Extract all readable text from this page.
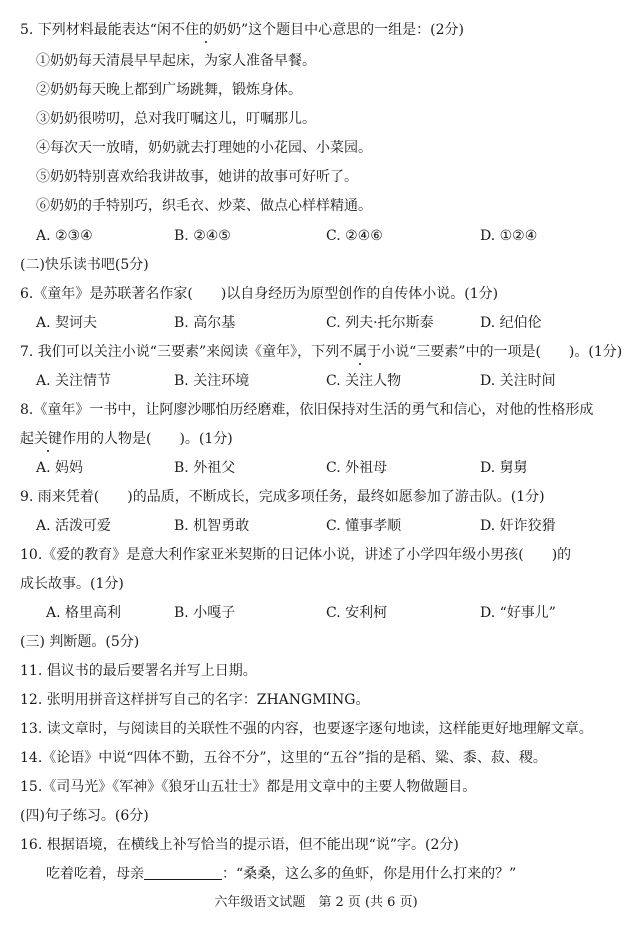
5. 下列材料最能表达“闲不住的奶奶”这个题目中心意思的一组是：(2分)
①奶奶每天清晨早早起床，为家人准备早餐。
②奶奶每天晚上都到广场跳舞，锻炼身体。
③奶奶很唠叨，总对我叮嘱这儿，叮嘱那儿。
④每次天一放晴，奶奶就去打理她的小花园、小菜园。
⑤奶奶特别喜欢给我讲故事，她讲的故事可好听了。
⑥奶奶的手特别巧，织毛衣、炒菜、做点心样样精通。
A. ②③④	B. ②④⑤	C. ②④⑥	D. ①②④
(二)快乐读书吧(5分)
6.《童年》是苏联著名作家(　　)以自身经历为原型创作的自传体小说。(1分)
A. 契诃夫	B. 高尔基	C. 列夫·托尔斯泰	D. 纪伯伦
7. 我们可以关注小说“三要素”来阅读《童年》，下列不属于小说“三要素”中的一项是(　　)。(1分)
A. 关注情节	B. 关注环境	C. 关注人物	D. 关注时间
8.《童年》一书中，让阿廖沙哪怕历经磨难，依旧保持对生活的勇气和信心，对他的性格形成
起关键作用的人物是(　　)。(1分)
A. 妈妈	B. 外祖父	C. 外祖母	D. 舅舅
9. 雨来凭着(　　)的品质，不断成长，完成多项任务，最终如愿参加了游击队。(1分)
A. 活泼可爱	B. 机智勇敢	C. 懂事孝顺	D. 奸诈狡猾
10.《爱的教育》是意大利作家亚米契斯的日记体小说，讲述了小学四年级小男孩(　　)的
成长故事。(1分)
A. 格里高利	B. 小嘎子	C. 安利柯	D. “好事儿”
(三) 判断题。(5分)
11. 倡议书的最后要署名并写上日期。
12. 张明用拼音这样拼写自己的名字：ZHANGMING。
13. 读文章时，与阅读目的关联性不强的内容，也要逐字逐句地读，这样能更好地理解文章。
14.《论语》中说“四体不勤，五谷不分”，这里的“五谷”指的是稻、粱、黍、菽、稷。
15.《司马光》《军神》《狼牙山五壮士》都是用文章中的主要人物做题目。
(四)句子练习。(6分)
16. 根据语境，在横线上补写恰当的提示语，但不能出现“说”字。(2分)
吃着吃着，母亲	：“桑桑，这么多的鱼虾，你是用什么打来的？”
六年级语文试题　第 2 页 (共 6 页)
